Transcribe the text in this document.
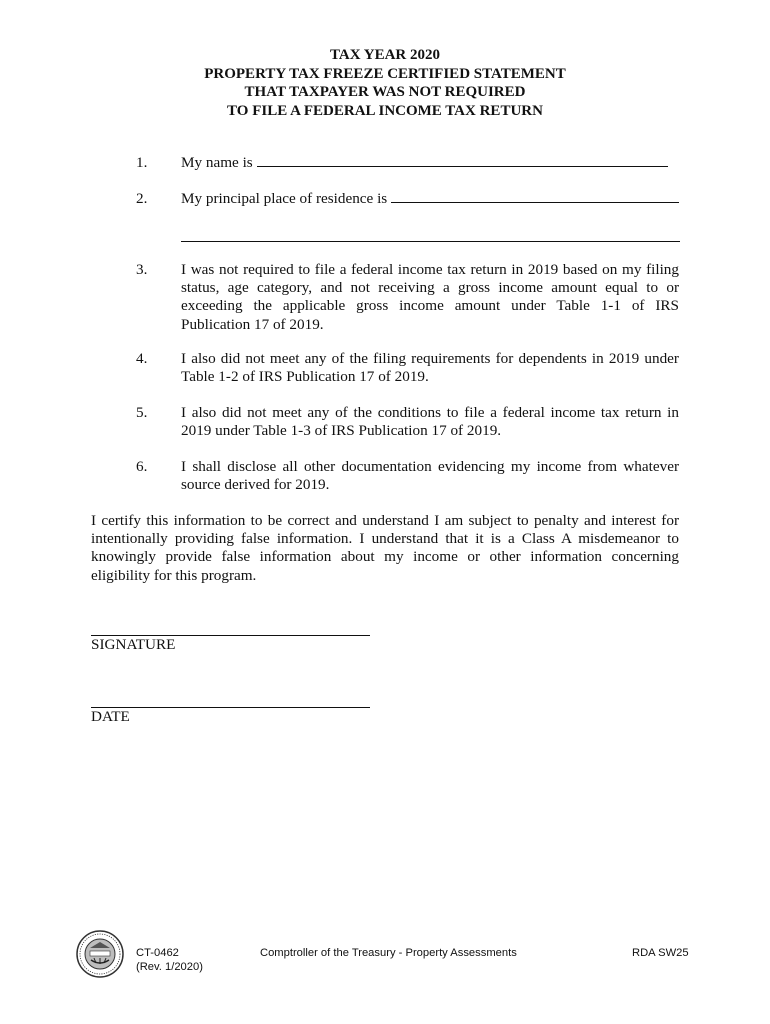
TAX YEAR 2020
PROPERTY TAX FREEZE CERTIFIED STATEMENT
THAT TAXPAYER WAS NOT REQUIRED
TO FILE A FEDERAL INCOME TAX RETURN
1. My name is
2. My principal place of residence is
3. I was not required to file a federal income tax return in 2019 based on my filing status, age category, and not receiving a gross income amount equal to or exceeding the applicable gross income amount under Table 1-1 of IRS Publication 17 of 2019.
4. I also did not meet any of the filing requirements for dependents in 2019 under Table 1-2 of IRS Publication 17 of 2019.
5. I also did not meet any of the conditions to file a federal income tax return in 2019 under Table 1-3 of IRS Publication 17 of 2019.
6. I shall disclose all other documentation evidencing my income from whatever source derived for 2019.
I certify this information to be correct and understand I am subject to penalty and interest for intentionally providing false information. I understand that it is a Class A misdemeanor to knowingly provide false information about my income or other information concerning eligibility for this program.
SIGNATURE
DATE
CT-0462
(Rev. 1/2020)
Comptroller of the Treasury - Property Assessments	RDA SW25
